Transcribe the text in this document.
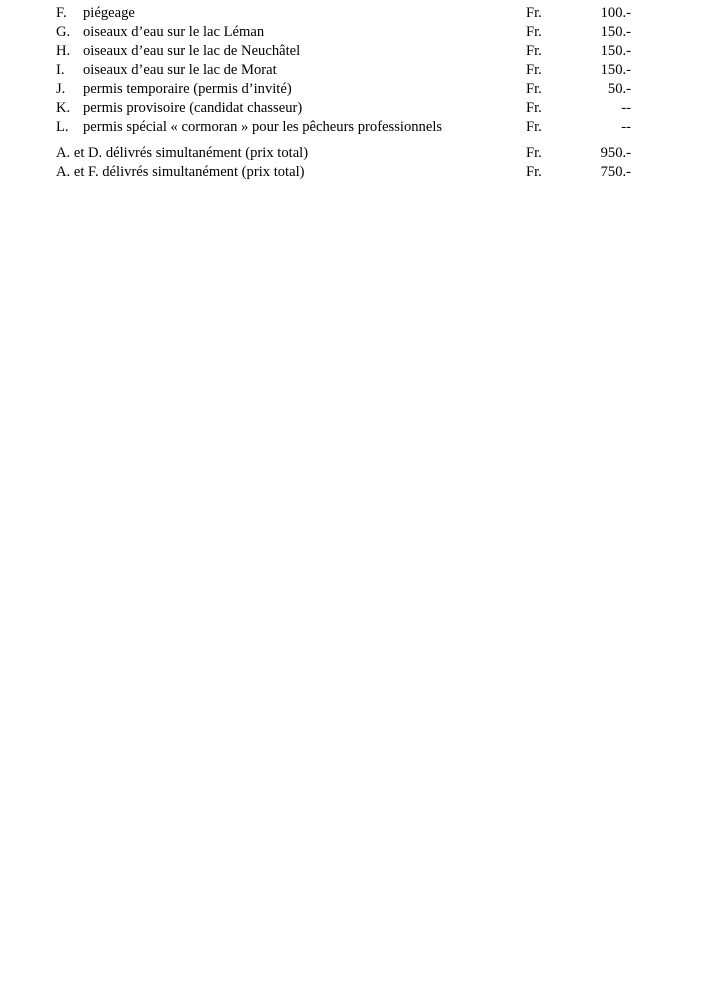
F. piégeage	Fr.	100.-
G. oiseaux d’eau sur le lac Léman	Fr.	150.-
H. oiseaux d’eau sur le lac de Neuchâtel	Fr.	150.-
I. oiseaux d’eau sur le lac de Morat	Fr.	150.-
J. permis temporaire (permis d’invité)	Fr.	50.-
K. permis provisoire (candidat chasseur)	Fr.	--
L. permis spécial « cormoran » pour les pêcheurs professionnels	Fr.	--
A. et D. délivrés simultanément (prix total)	Fr.	950.-
A. et F. délivrés simultanément (prix total)	Fr.	750.-
